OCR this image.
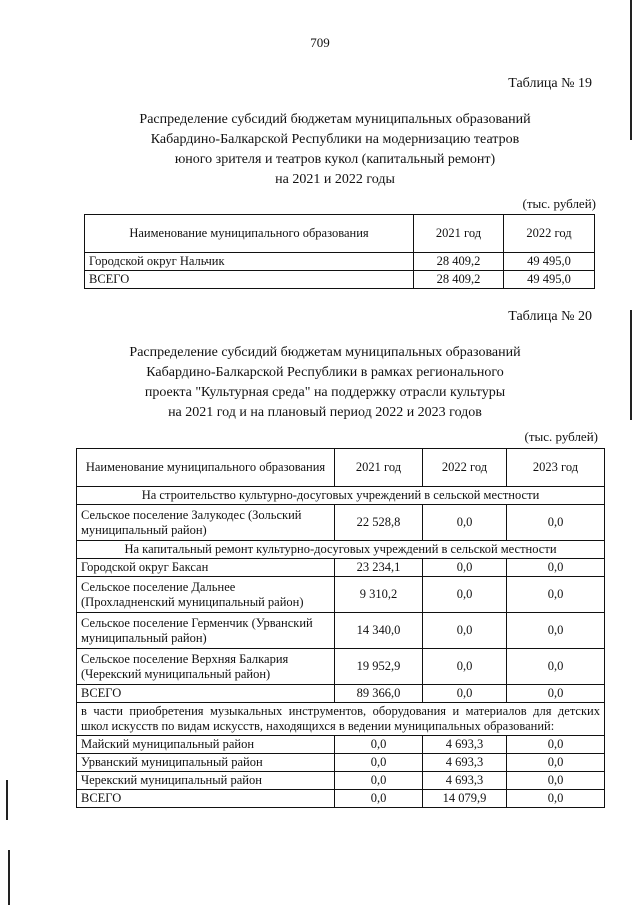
709
Таблица № 19
Распределение субсидий бюджетам муниципальных образований
Кабардино-Балкарской Республики на модернизацию театров
юного зрителя и театров кукол (капитальный ремонт)
на 2021 и 2022 годы
(тыс. рублей)
Наименование муниципального образования	2021 год	2022 год
Городской округ Нальчик	28 409,2	49 495,0
ВСЕГО	28 409,2	49 495,0
Таблица № 20
Распределение субсидий бюджетам муниципальных образований
Кабардино-Балкарской Республики в рамках регионального
проекта "Культурная среда" на поддержку отрасли культуры
на 2021 год и на плановый период 2022 и 2023 годов
(тыс. рублей)
Наименование муниципального образования	2021 год	2022 год	2023 год
На строительство культурно-досуговых учреждений в сельской местности			
Сельское поселение Залукодес (Зольский муниципальный район)	22 528,8	0,0	0,0
На капитальный ремонт культурно-досуговых учреждений в сельской местности			
Городской округ Баксан	23 234,1	0,0	0,0
Сельское поселение Дальнее (Прохладненский муниципальный район)	9 310,2	0,0	0,0
Сельское поселение Герменчик (Урванский муниципальный район)	14 340,0	0,0	0,0
Сельское поселение Верхняя Балкария (Черекский муниципальный район)	19 952,9	0,0	0,0
ВСЕГО	89 366,0	0,0	0,0
в части приобретения музыкальных инструментов, оборудования и материалов для детских школ искусств по видам искусств, находящихся в ведении муниципальных образований:			
Майский муниципальный район	0,0	4 693,3	0,0
Урванский муниципальный район	0,0	4 693,3	0,0
Черекский муниципальный район	0,0	4 693,3	0,0
ВСЕГО	0,0	14 079,9	0,0
